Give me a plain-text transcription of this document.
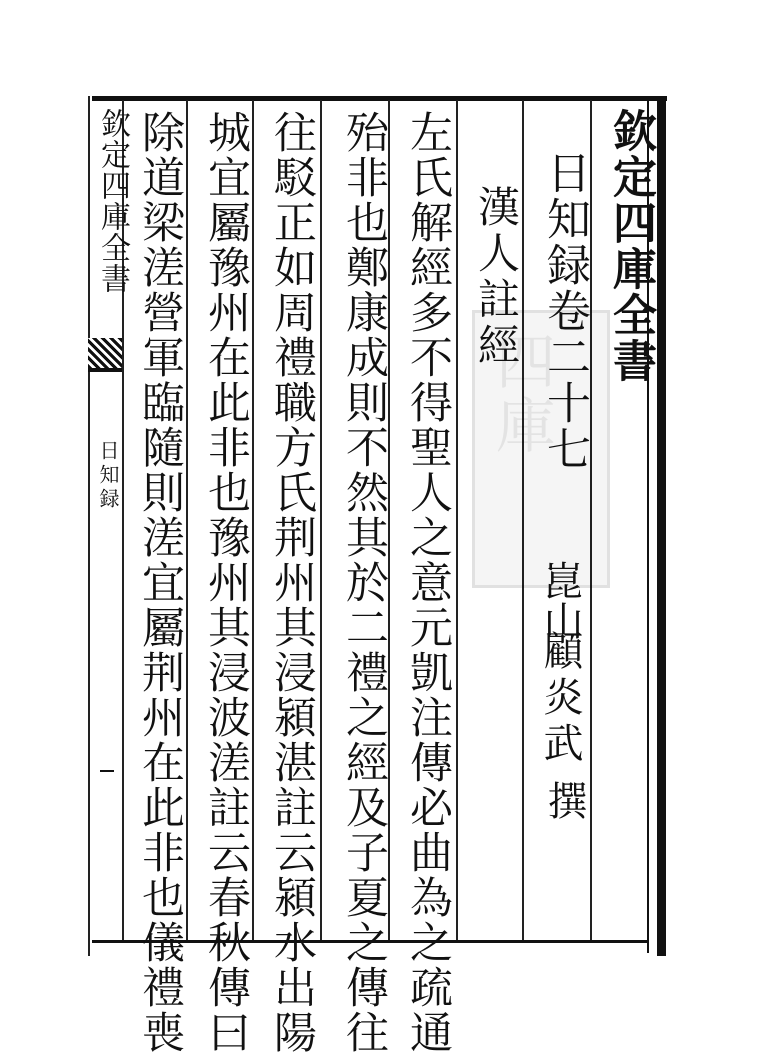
四庫
欽定四庫全書
日知録
欽定四庫全書
日知録卷二十七
崑山
顧炎武
撰
漢人註經
左氏解經多不得聖人之意元凱注傳必曲為之疏通
殆非也鄭康成則不然其於二禮之經及子夏之傳往
往駁正如周禮職方氏荆州其浸潁湛註云潁水出陽
城宜屬豫州在此非也豫州其浸波溠註云春秋傳曰
除道梁溠營軍臨隨則溠宜屬荆州在此非也儀禮喪
